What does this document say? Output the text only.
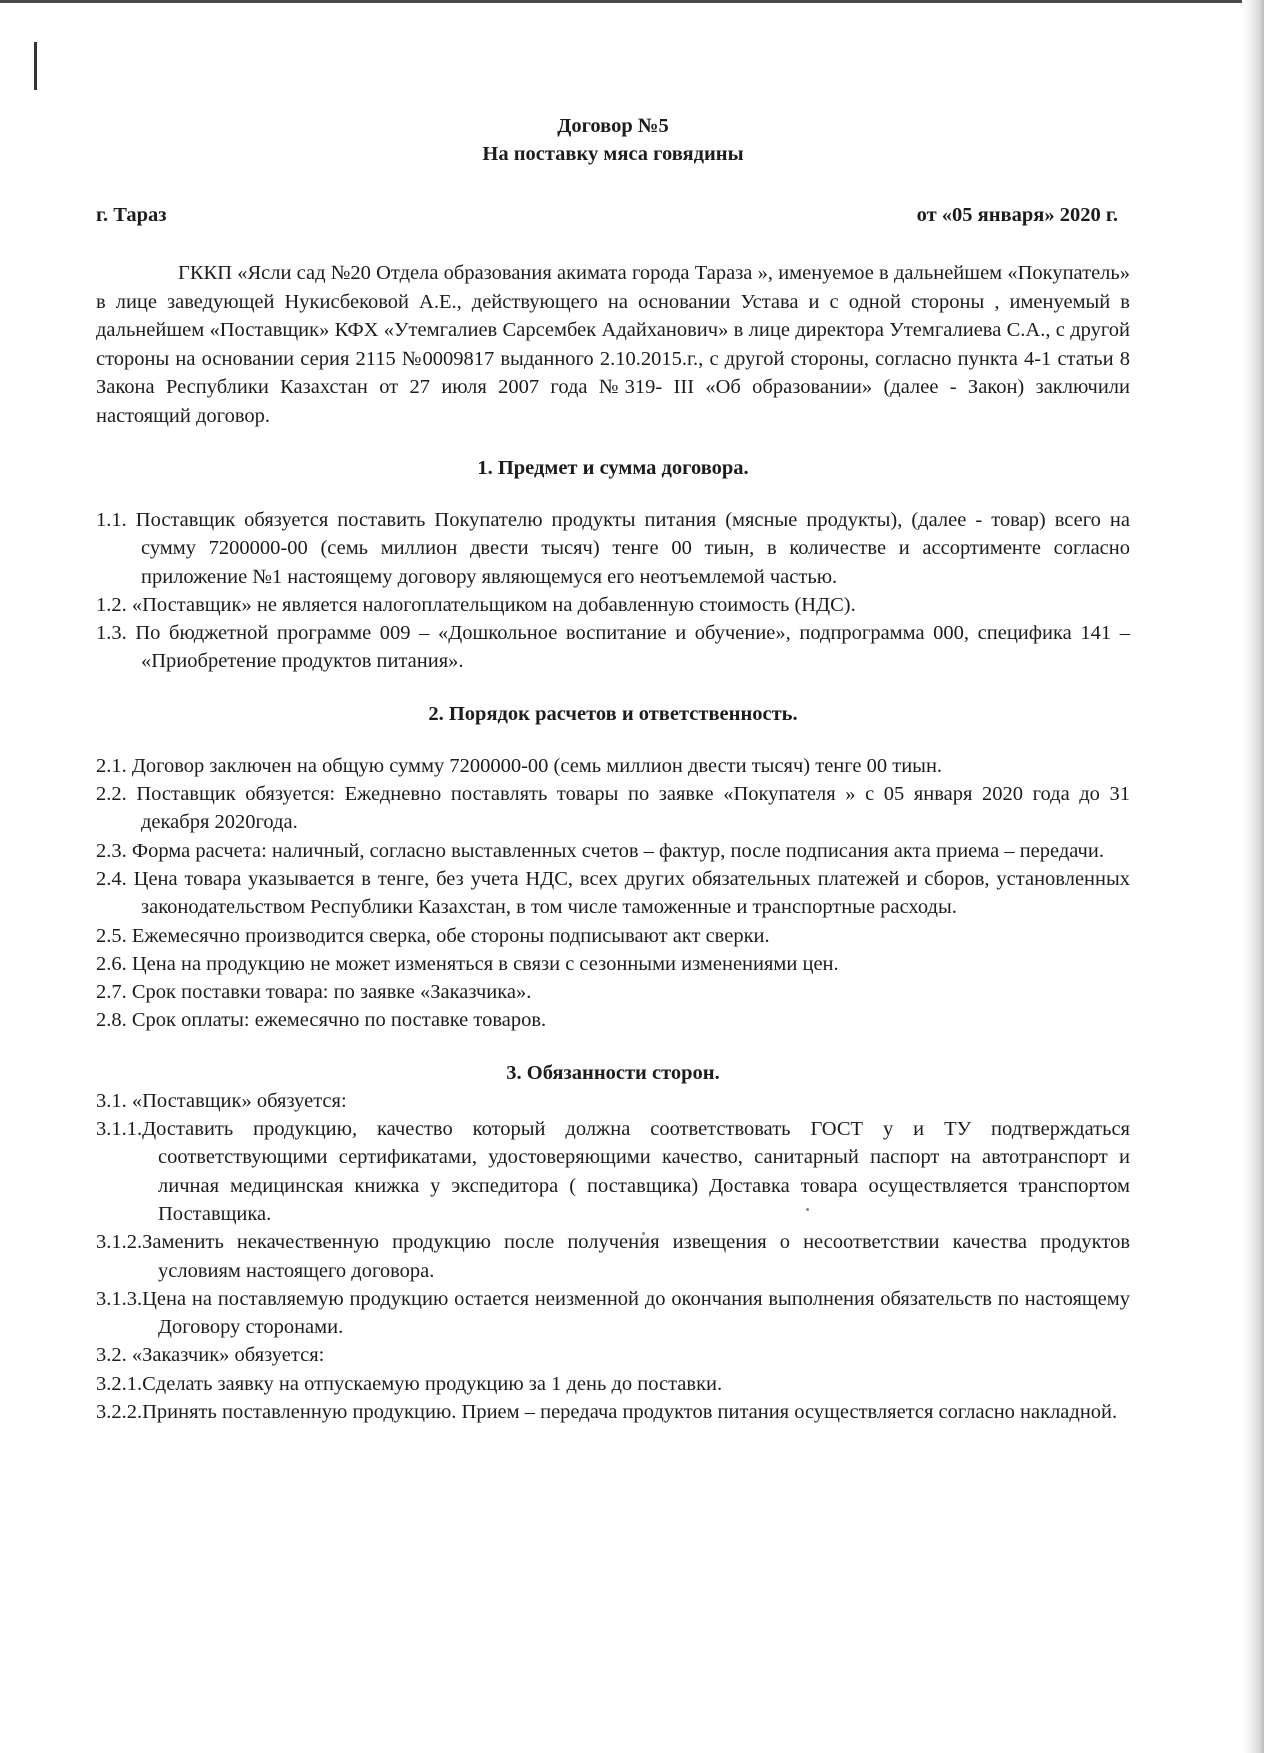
Договор №5
На поставку мяса говядины
г. Тараз	от «05 января» 2020 г.
ГККП «Ясли сад №20 Отдела образования акимата города Тараза », именуемое в дальнейшем «Покупатель» в лице заведующей Нукисбековой А.Е., действующего на основании Устава и с одной стороны , именуемый в дальнейшем «Поставщик» КФХ «Утемгалиев Сарсембек Адайханович» в лице директора Утемгалиева С.А., с другой стороны на основании серия 2115 №0009817 выданного 2.10.2015.г., с другой стороны, согласно пункта 4-1 статьи 8 Закона Республики Казахстан от 27 июля 2007 года №319- III «Об образовании» (далее - Закон) заключили настоящий договор.
1. Предмет и сумма договора.
1.1. Поставщик обязуется поставить Покупателю продукты питания (мясные продукты), (далее - товар) всего на сумму 7200000-00 (семь миллион двести тысяч) тенге 00 тиын, в количестве и ассортименте согласно приложение №1 настоящему договору являющемуся его неотъемлемой частью.
1.2. «Поставщик» не является налогоплательщиком на добавленную стоимость (НДС).
1.3. По бюджетной программе 009 – «Дошкольное воспитание и обучение», подпрограмма 000, специфика 141 – «Приобретение продуктов питания».
2. Порядок расчетов и ответственность.
2.1. Договор заключен на общую сумму 7200000-00 (семь миллион двести тысяч) тенге 00 тиын.
2.2. Поставщик обязуется: Ежедневно поставлять товары по заявке «Покупателя » с 05 января 2020 года до 31 декабря 2020года.
2.3. Форма расчета: наличный, согласно выставленных счетов – фактур, после подписания акта приема – передачи.
2.4. Цена товара указывается в тенге, без учета НДС, всех других обязательных платежей и сборов, установленных законодательством Республики Казахстан, в том числе таможенные и транспортные расходы.
2.5. Ежемесячно производится сверка, обе стороны подписывают акт сверки.
2.6. Цена на продукцию не может изменяться в связи с сезонными изменениями цен.
2.7. Срок поставки товара: по заявке «Заказчика».
2.8. Срок оплаты: ежемесячно по поставке товаров.
3. Обязанности сторон.
3.1. «Поставщик» обязуется:
3.1.1.Доставить продукцию, качество который должна соответствовать ГОСТ у и ТУ подтверждаться соответствующими сертификатами, удостоверяющими качество, санитарный паспорт на автотранспорт и личная медицинская книжка у экспедитора ( поставщика) Доставка товара осуществляется транспортом Поставщика.
3.1.2.Заменить некачественную продукцию после получения извещения о несоответствии качества продуктов условиям настоящего договора.
3.1.3.Цена на поставляемую продукцию остается неизменной до окончания выполнения обязательств по настоящему Договору сторонами.
3.2. «Заказчик» обязуется:
3.2.1.Сделать заявку на отпускаемую продукцию за 1 день до поставки.
3.2.2.Принять поставленную продукцию. Прием – передача продуктов питания осуществляется согласно накладной.
